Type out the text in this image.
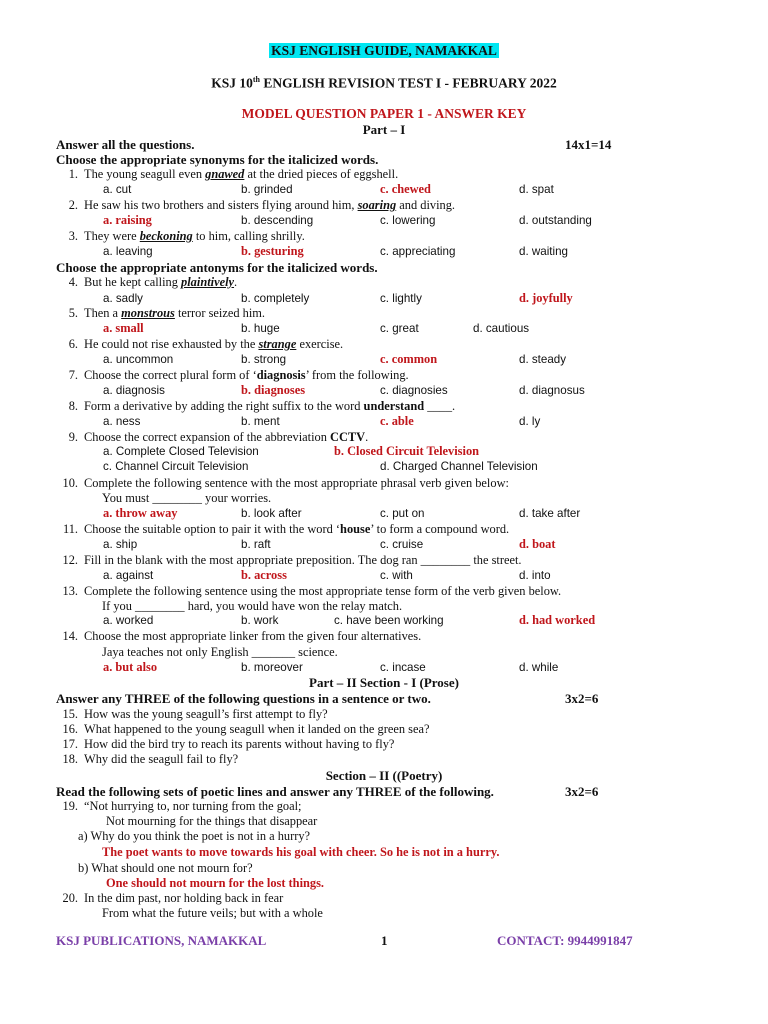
KSJ ENGLISH GUIDE, NAMAKKAL
KSJ 10th ENGLISH REVISION TEST I - FEBRUARY 2022
MODEL QUESTION PAPER 1 - ANSWER KEY
Part – I
Answer all the questions.	14x1=14
Choose the appropriate synonyms for the italicized words.
1. The young seagull even gnawed at the dried pieces of eggshell.
a. cut	b. grinded	c. chewed	d. spat
2. He saw his two brothers and sisters flying around him, soaring and diving.
a. raising	b. descending	c. lowering	d. outstanding
3. They were beckoning to him, calling shrilly.
a. leaving	b. gesturing	c. appreciating	d. waiting
Choose the appropriate antonyms for the italicized words.
4. But he kept calling plaintively.
a. sadly	b. completely	c. lightly	d. joyfully
5. Then a monstrous terror seized him.
a. small	b. huge	c. great	d. cautious
6. He could not rise exhausted by the strange exercise.
a. uncommon	b. strong	c. common	d. steady
7. Choose the correct plural form of ‘diagnosis’ from the following.
a. diagnosis	b. diagnoses	c. diagnosies	d. diagnosus
8. Form a derivative by adding the right suffix to the word understand ____.
a. ness	b. ment	c. able	d. ly
9. Choose the correct expansion of the abbreviation CCTV.
a. Complete Closed Television	b. Closed Circuit Television
c. Channel Circuit Television	d. Charged Channel Television
10. Complete the following sentence with the most appropriate phrasal verb given below:
You must ________ your worries.
a. throw away	b. look after	c. put on	d. take after
11. Choose the suitable option to pair it with the word ‘house’ to form a compound word.
a. ship	b. raft	c. cruise	d. boat
12. Fill in the blank with the most appropriate preposition. The dog ran ________ the street.
a. against	b. across	c. with	d. into
13. Complete the following sentence using the most appropriate tense form of the verb given below.
If you ________ hard, you would have won the relay match.
a. worked	b. work	c. have been working	d. had worked
14. Choose the most appropriate linker from the given four alternatives.
Jaya teaches not only English _______ science.
a. but also	b. moreover	c. incase	d. while
Part – II Section - I (Prose)
Answer any THREE of the following questions in a sentence or two.	3x2=6
15. How was the young seagull’s first attempt to fly?
16. What happened to the young seagull when it landed on the green sea?
17. How did the bird try to reach its parents without having to fly?
18. Why did the seagull fail to fly?
Section – II ((Poetry)
Read the following sets of poetic lines and answer any THREE of the following.	3x2=6
19. “Not hurrying to, nor turning from the goal;
Not mourning for the things that disappear
a) Why do you think the poet is not in a hurry?
The poet wants to move towards his goal with cheer. So he is not in a hurry.
b) What should one not mourn for?
One should not mourn for the lost things.
20. In the dim past, nor holding back in fear
From what the future veils; but with a whole
KSJ PUBLICATIONS, NAMAKKAL	1	CONTACT: 9944991847
